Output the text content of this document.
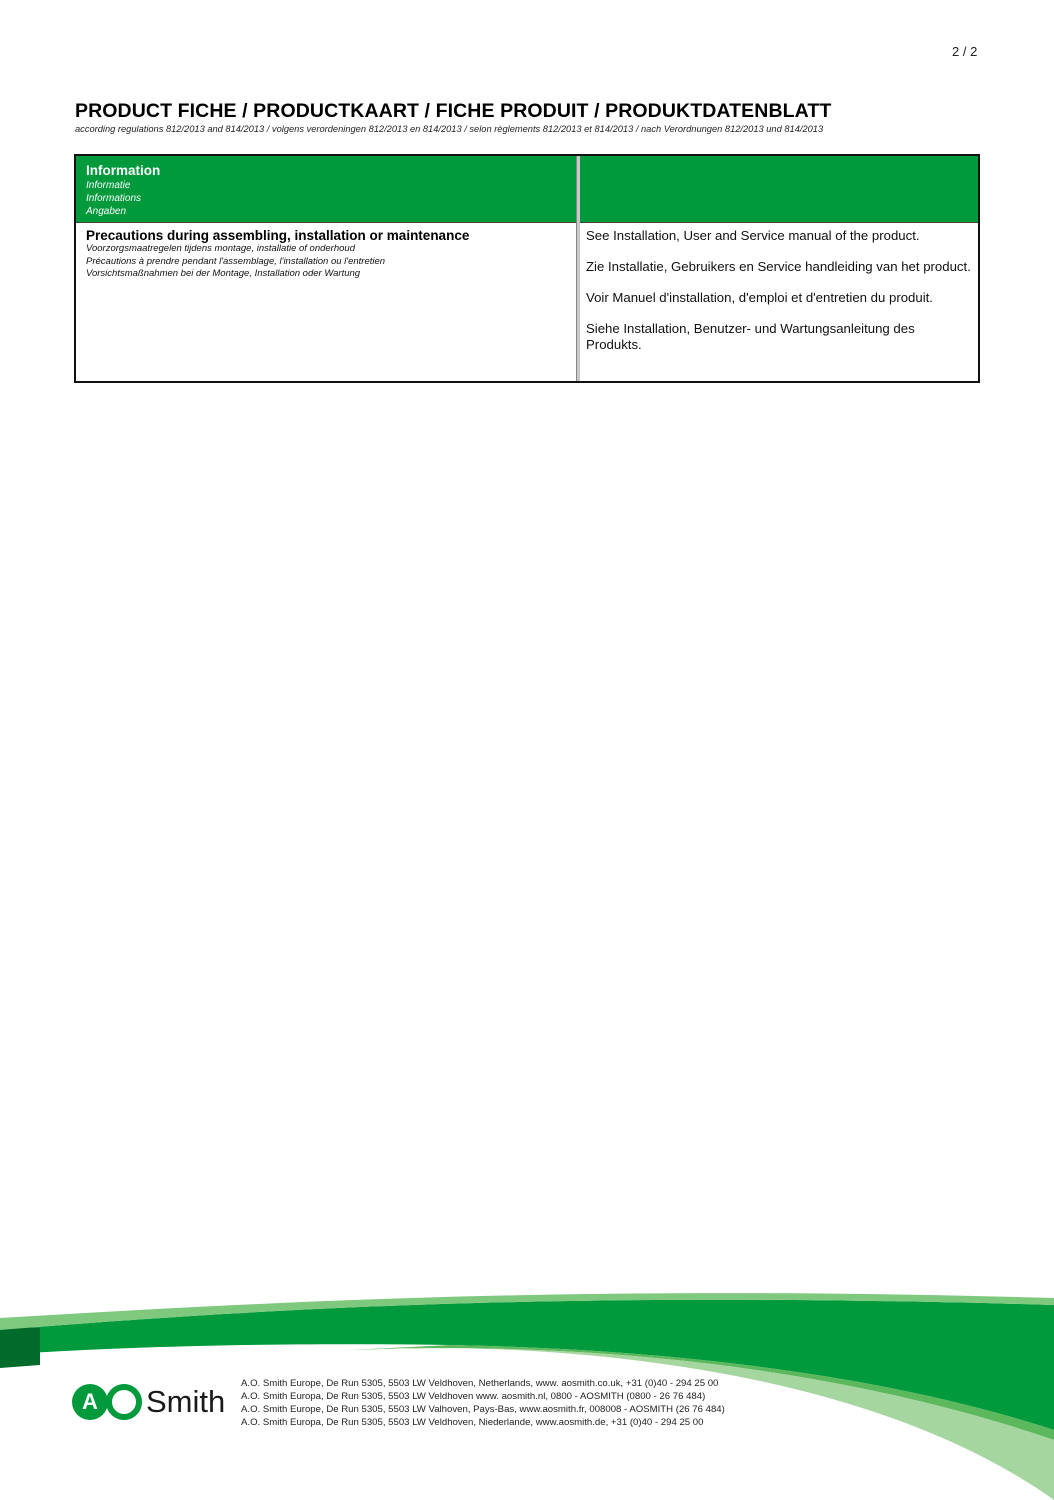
2 / 2
PRODUCT FICHE / PRODUCTKAART / FICHE PRODUIT / PRODUKTDATENBLATT
according regulations 812/2013 and 814/2013 / volgens verordeningen 812/2013 en 814/2013 / selon règlements 812/2013 et 814/2013 / nach Verordnungen 812/2013 und 814/2013
Information
Informatie
Informations
Angaben
Precautions during assembling, installation or maintenance
Voorzorgsmaatregelen tijdens montage, installatie of onderhoud
Précautions à prendre pendant l'assemblage, l'installation ou l'entretien
Vorsichtsmaßnahmen bei der Montage, Installation oder Wartung

See Installation, User and Service manual of the product.

Zie Installatie, Gebruikers en Service handleiding van het product.

Voir Manuel d'installation, d'emploi et d'entretien du produit.

Siehe Installation, Benutzer- und Wartungsanleitung des Produkts.

A	Smith
A.O. Smith Europe, De Run 5305, 5503 LW Veldhoven, Netherlands, www. aosmith.co.uk, +31 (0)40 - 294 25 00
A.O. Smith Europa, De Run 5305, 5503 LW Veldhoven www. aosmith.nl, 0800 - AOSMITH (0800 - 26 76 484)
A.O. Smith Europe, De Run 5305, 5503 LW Valhoven, Pays-Bas, www.aosmith.fr, 008008 - AOSMITH (26 76 484)
A.O. Smith Europa, De Run 5305, 5503 LW Veldhoven, Niederlande, www.aosmith.de, +31 (0)40 - 294 25 00
